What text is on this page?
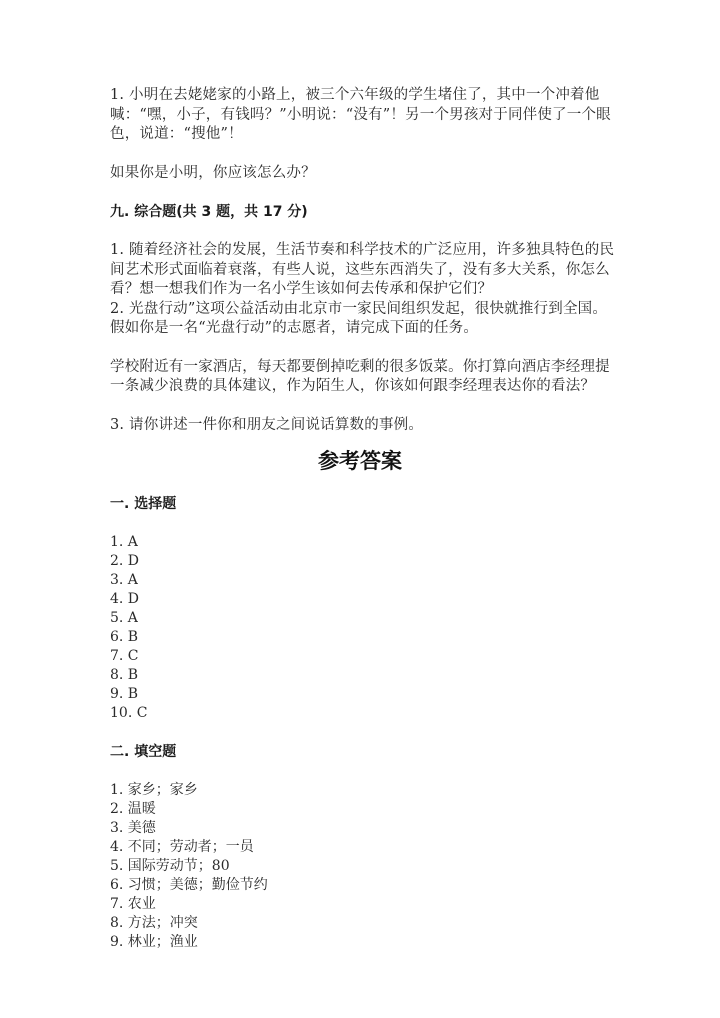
1. 小明在去姥姥家的小路上，被三个六年级的学生堵住了，其中一个冲着他喊：“嘿，小子，有钱吗？”小明说：“没有”！另一个男孩对于同伴使了一个眼色，说道：“搜他”！

如果你是小明，你应该怎么办？

九. 综合题(共 3 题，共 17 分)

1. 随着经济社会的发展，生活节奏和科学技术的广泛应用，许多独具特色的民间艺术形式面临着衰落，有些人说，这些东西消失了，没有多大关系，你怎么看？想一想我们作为一名小学生该如何去传承和保护它们？

2. 光盘行动”这项公益活动由北京市一家民间组织发起，很快就推行到全国。假如你是一名“光盘行动”的志愿者，请完成下面的任务。

学校附近有一家酒店，每天都要倒掉吃剩的很多饭菜。你打算向酒店李经理提一条减少浪费的具体建议，作为陌生人，你该如何跟李经理表达你的看法？

3. 请你讲述一件你和朋友之间说话算数的事例。

参考答案

一. 选择题

1. A
2. D
3. A
4. D
5. A
6. B
7. C
8. B
9. B
10. C

二. 填空题

1. 家乡；家乡
2. 温暖
3. 美德
4. 不同；劳动者；一员
5. 国际劳动节；80
6. 习惯；美德；勤俭节约
7. 农业
8. 方法；冲突
9. 林业；渔业
